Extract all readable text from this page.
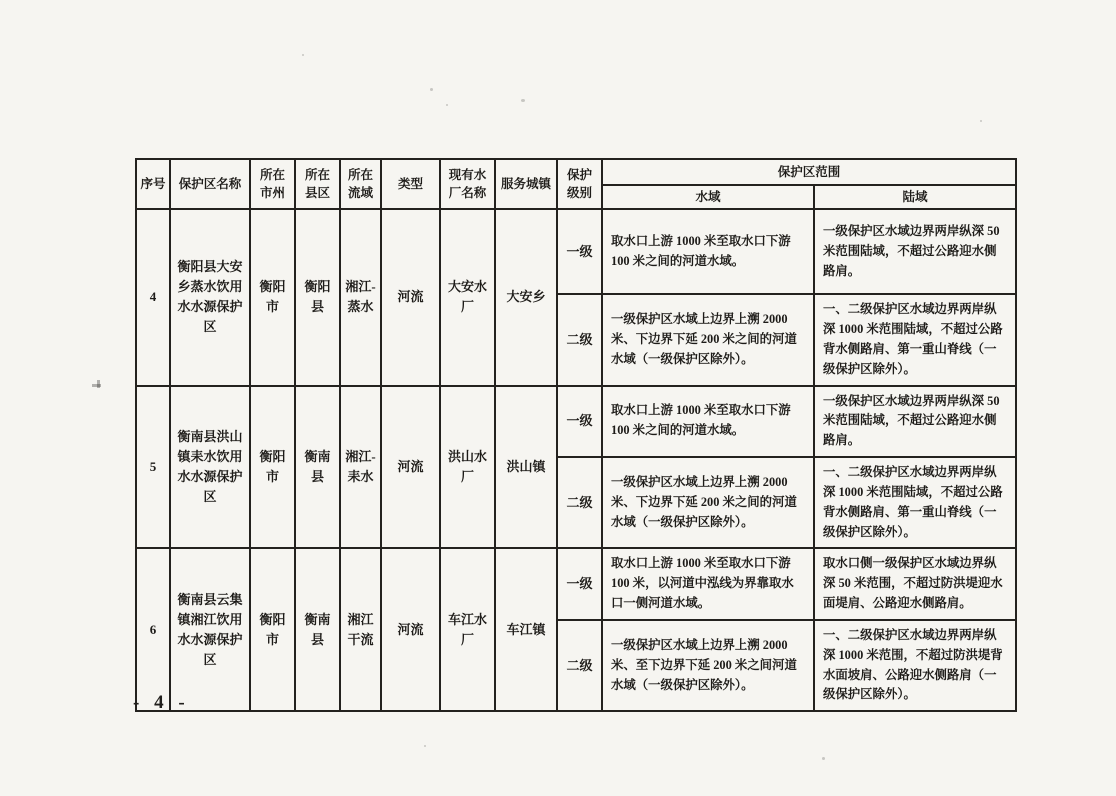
序号	保护区名称	所在市州	所在县区	所在流域	类型	现有水厂名称	服务城镇	保护级别	保护区范围	
									水域	陆域
4	衡阳县大安乡蒸水饮用水水源保护区	衡阳市	衡阳县	湘江-蒸水	河流	大安水厂	大安乡	一级	取水口上游 1000 米至取水口下游 100 米之间的河道水域。	一级保护区水域边界两岸纵深 50 米范围陆域，不超过公路迎水侧路肩。
								二级	一级保护区水域上边界上溯 2000 米、下边界下延 200 米之间的河道水域（一级保护区除外）。	一、二级保护区水域边界两岸纵深 1000 米范围陆域，不超过公路背水侧路肩、第一重山脊线（一级保护区除外）。
5	衡南县洪山镇耒水饮用水水源保护区	衡阳市	衡南县	湘江-耒水	河流	洪山水厂	洪山镇	一级	取水口上游 1000 米至取水口下游 100 米之间的河道水域。	一级保护区水域边界两岸纵深 50 米范围陆域，不超过公路迎水侧路肩。
								二级	一级保护区水域上边界上溯 2000 米、下边界下延 200 米之间的河道水域（一级保护区除外）。	一、二级保护区水域边界两岸纵深 1000 米范围陆域，不超过公路背水侧路肩、第一重山脊线（一级保护区除外）。
6	衡南县云集镇湘江饮用水水源保护区	衡阳市	衡南县	湘江干流	河流	车江水厂	车江镇	一级	取水口上游 1000 米至取水口下游 100 米，以河道中泓线为界靠取水口一侧河道水域。	取水口侧一级保护区水域边界纵深 50 米范围，不超过防洪堤迎水面堤肩、公路迎水侧路肩。
								二级	一级保护区水域上边界上溯 2000 米、至下边界下延 200 米之间河道水域（一级保护区除外）。	一、二级保护区水域边界两岸纵深 1000 米范围，不超过防洪堤背水面坡肩、公路迎水侧路肩（一级保护区除外）。
- 4 -
